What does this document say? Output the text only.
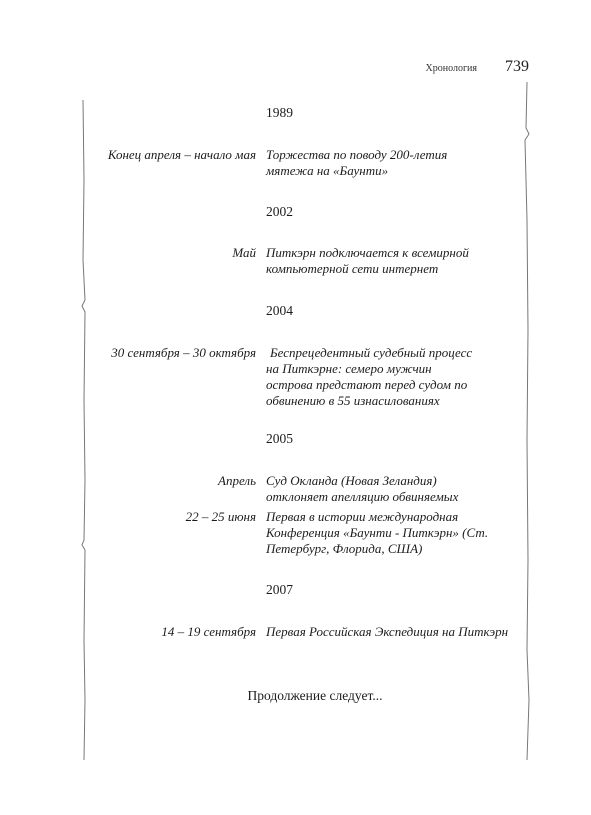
Хронология 739
1989
Конец апреля – начало мая Торжества по поводу 200-летия мятежа на «Баунти»
2002
Май Питкэрн подключается к всемирной компьютерной сети интернет
2004
30 сентября – 30 октября	Беспрецедентный судебный процесс на Питкэрне: семеро мужчин острова предстают перед судом по обвинению в 55 изнасилованиях
2005
Апрель Суд Окланда (Новая Зеландия) отклоняет апелляцию обвиняемых
22 – 25 июня Первая в истории международная Конференция «Баунти - Питкэрн» (Ст. Петербург, Флорида, США)
2007
14 – 19 сентября Первая Российская Экспедиция на Питкэрн
Продолжение следует...
